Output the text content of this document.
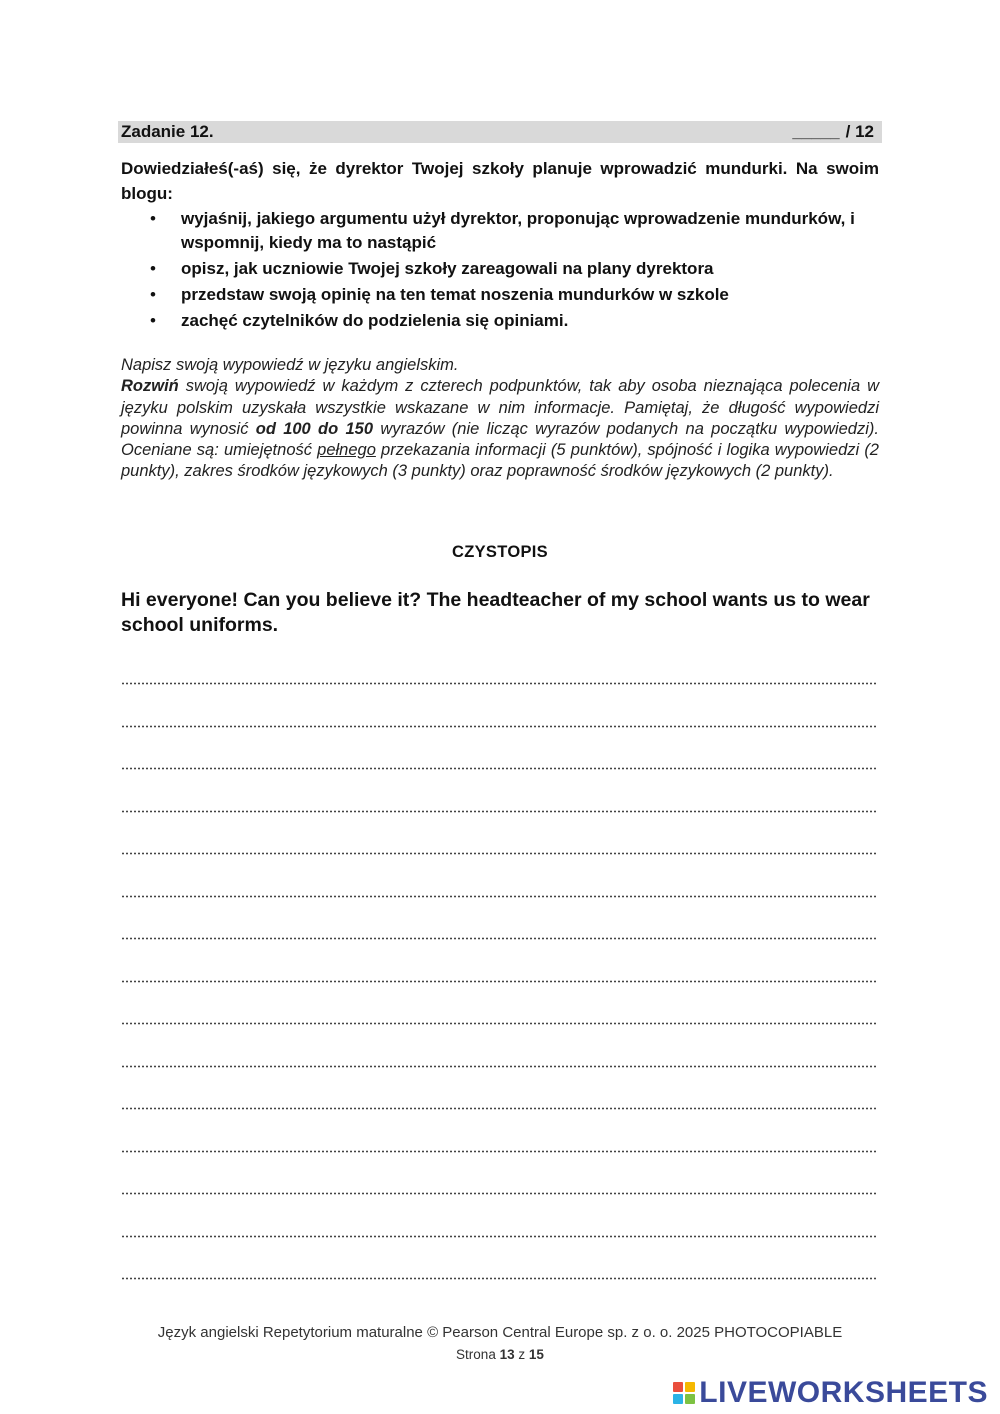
Zadanie 12.	_____ / 12

Dowiedziałeś(-aś) się, że dyrektor Twojej szkoły planuje wprowadzić mundurki. Na swoim blogu:

• wyjaśnij, jakiego argumentu użył dyrektor, proponując wprowadzenie mundurków, i wspomnij, kiedy ma to nastąpić
• opisz, jak uczniowie Twojej szkoły zareagowali na plany dyrektora
• przedstaw swoją opinię na ten temat noszenia mundurków w szkole
• zachęć czytelników do podzielenia się opiniami.

Napisz swoją wypowiedź w języku angielskim.

Rozwiń swoją wypowiedź w każdym z czterech podpunktów, tak aby osoba nieznająca polecenia w języku polskim uzyskała wszystkie wskazane w nim informacje. Pamiętaj, że długość wypowiedzi powinna wynosić od 100 do 150 wyrazów (nie licząc wyrazów podanych na początku wypowiedzi). Oceniane są: umiejętność pełnego przekazania informacji (5 punktów), spójność i logika wypowiedzi (2 punkty), zakres środków językowych (3 punkty) oraz poprawność środków językowych (2 punkty).

CZYSTOPIS
Hi everyone! Can you believe it? The headteacher of my school wants us to wear school uniforms.
Język angielski Repetytorium maturalne © Pearson Central Europe sp. z o. o. 2025 PHOTOCOPIABLE
Strona 13 z 15
LIVEWORKSHEETS
